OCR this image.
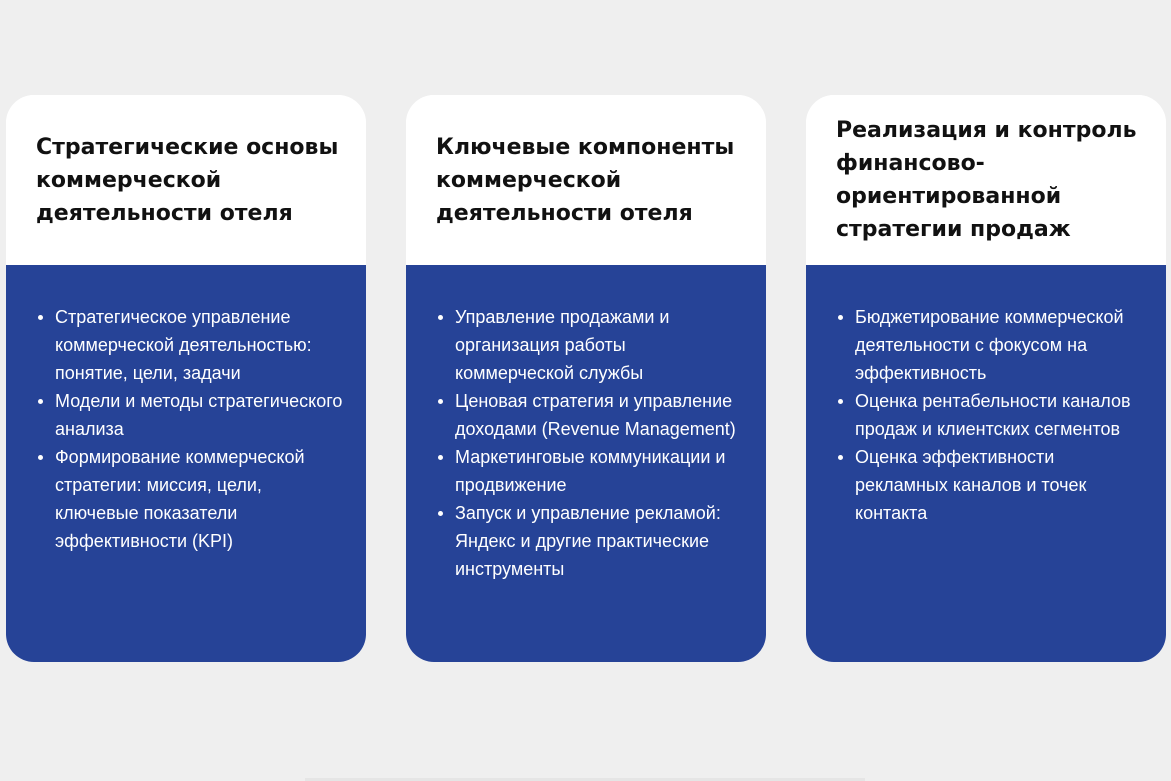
Стратегические основы коммерческой деятельности отеля
Стратегическое управление коммерческой деятельностью: понятие, цели, задачи
Модели и методы стратегического анализа
Формирование коммерческой стратегии: миссия, цели, ключевые показатели эффективности (KPI)
Ключевые компоненты коммерческой деятельности отеля
Управление продажами и организация работы коммерческой службы
Ценовая стратегия и управление доходами (Revenue Management)
Маркетинговые коммуникации и продвижение
Запуск и управление рекламой: Яндекс и другие практические инструменты
Реализация и контроль финансово-ориентированной стратегии продаж
Бюджетирование коммерческой деятельности с фокусом на эффективность
Оценка рентабельности каналов продаж и клиентских сегментов
Оценка эффективности рекламных каналов и точек контакта
